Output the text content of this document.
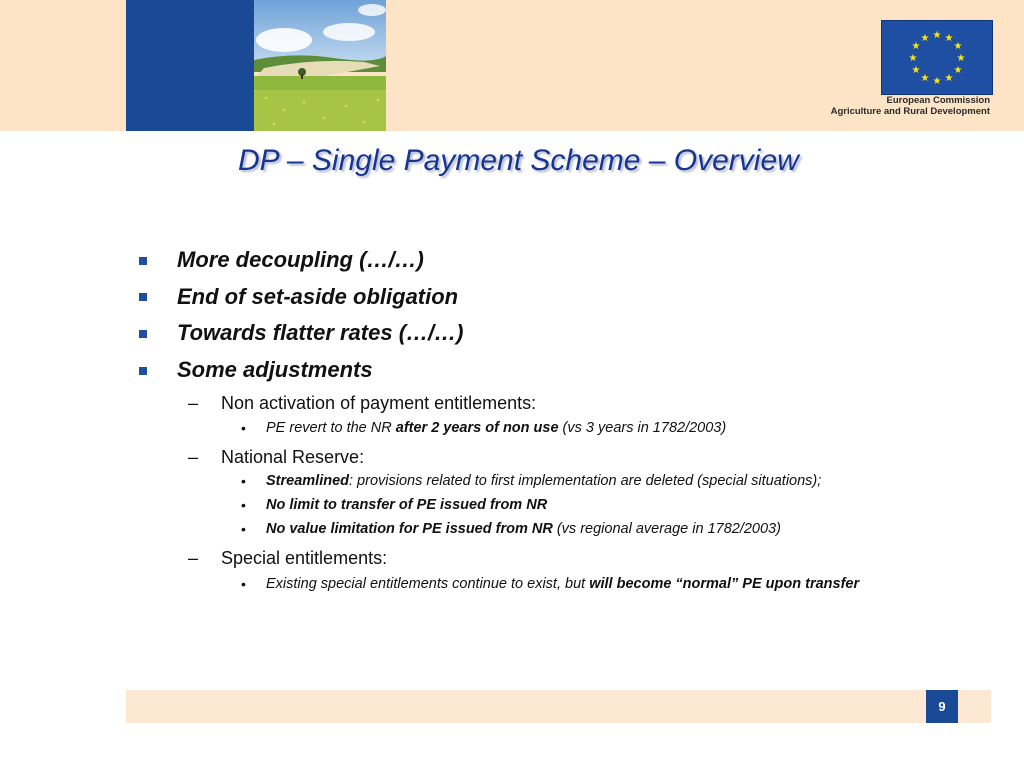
★ ★
★
★
★
★
★
★
★
★
★
★
European Commission
Agriculture and Rural Development
DP – Single Payment Scheme – Overview
More decoupling (…/…)
End of set-aside obligation
Towards flatter rates (…/…)
Some adjustments
– Non activation of payment entitlements:
• PE revert to the NR after 2 years of non use (vs 3 years in 1782/2003)
– National Reserve:
• Streamlined: provisions related to first implementation are deleted (special situations);
• No limit to transfer of PE issued from NR
• No value limitation for PE issued from NR (vs regional average in 1782/2003)
– Special entitlements:
• Existing special entitlements continue to exist, but will become “normal” PE upon transfer
9
